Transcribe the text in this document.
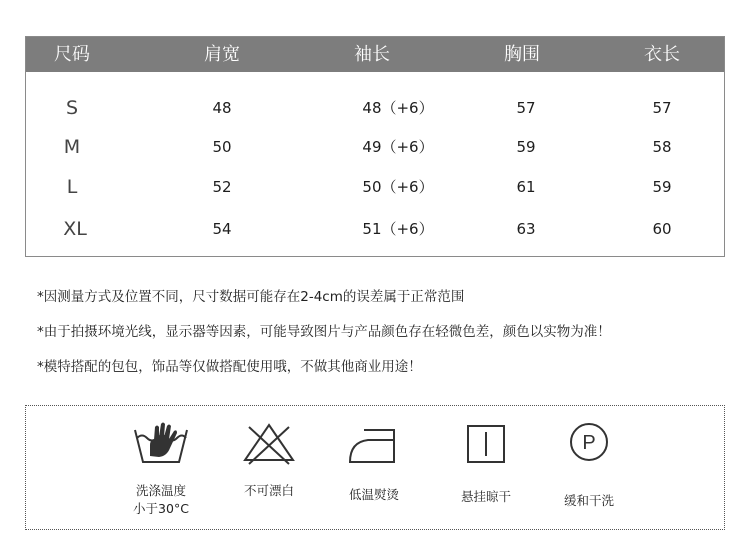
尺码	肩宽	袖长	胸围	衣长
S	48	48（+6）	57	57
M	50	49（+6）	59	58
L	52	50（+6）	61	59
XL	54	51（+6）	63	60
*因测量方式及位置不同，尺寸数据可能存在2-4cm的误差属于正常范围
*由于拍摄环境光线，显示器等因素，可能导致图片与产品颜色存在轻微色差，颜色以实物为准！
*模特搭配的包包，饰品等仅做搭配使用哦，不做其他商业用途！
洗涤温度
小于30°C
不可漂白	低温熨烫	悬挂晾干
P
缓和干洗
